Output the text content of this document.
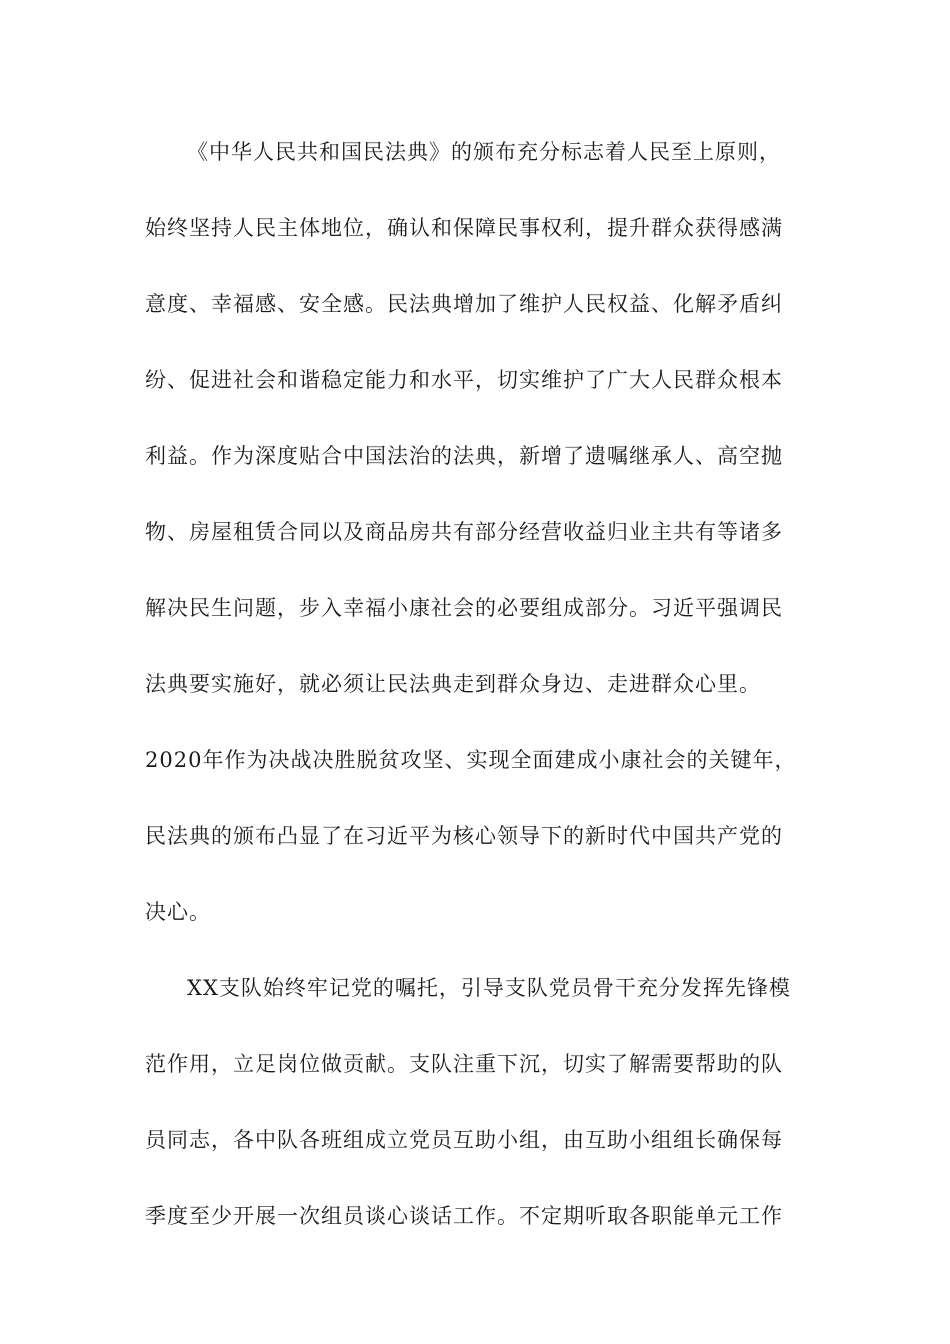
《中华人民共和国民法典》的颁布充分标志着人民至上原则，
始终坚持人民主体地位，确认和保障民事权利，提升群众获得感满
意度、幸福感、安全感。民法典增加了维护人民权益、化解矛盾纠
纷、促进社会和谐稳定能力和水平，切实维护了广大人民群众根本
利益。作为深度贴合中国法治的法典，新增了遗嘱继承人、高空抛
物、房屋租赁合同以及商品房共有部分经营收益归业主共有等诸多
解决民生问题，步入幸福小康社会的必要组成部分。习近平强调民
法典要实施好，就必须让民法典走到群众身边、走进群众心里。
2020年作为决战决胜脱贫攻坚、实现全面建成小康社会的关键年，
民法典的颁布凸显了在习近平为核心领导下的新时代中国共产党的
决心。
XX支队始终牢记党的嘱托，引导支队党员骨干充分发挥先锋模
范作用，立足岗位做贡献。支队注重下沉，切实了解需要帮助的队
员同志，各中队各班组成立党员互助小组，由互助小组组长确保每
季度至少开展一次组员谈心谈话工作。不定期听取各职能单元工作
